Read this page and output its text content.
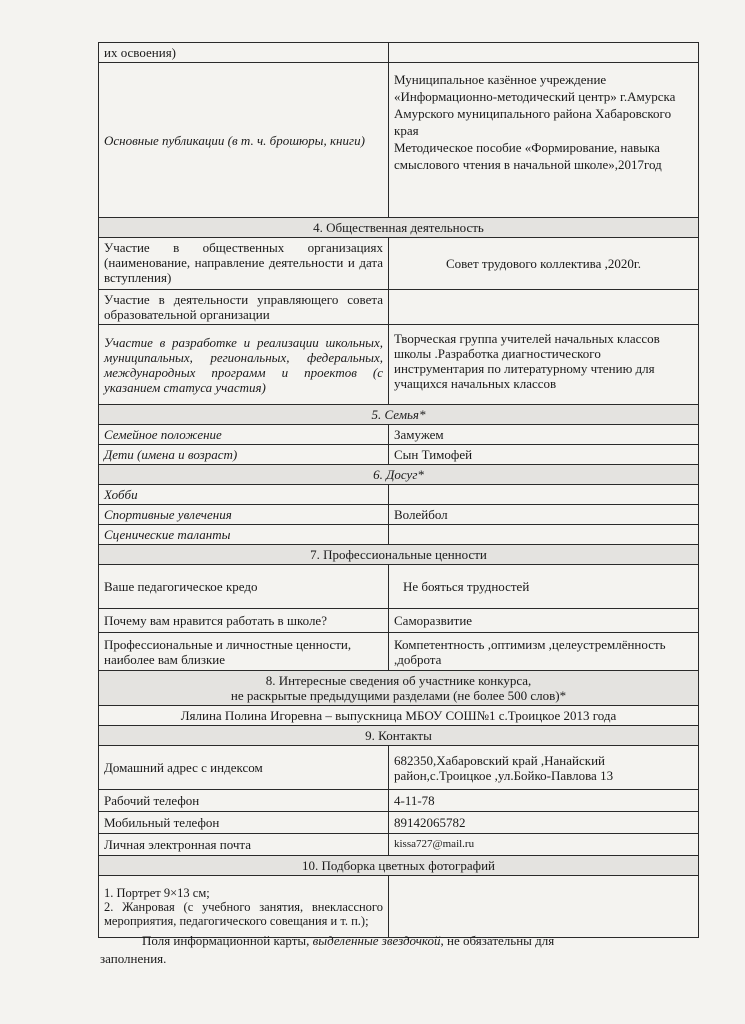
их освоения)	
Основные публикации (в т. ч. брошюры, книги)	Муниципальное казённое учреждение «Информационно-методический центр» г.Амурска Амурского муниципального района Хабаровского края
Методическое пособие «Формирование, навыка смыслового чтения в начальной школе»,2017год
4. Общественная деятельность	
Участие в общественных организациях (наименование, направление деятельности и дата вступления)	Совет трудового коллектива ,2020г.
Участие в деятельности управляющего совета образовательной организации	
Участие в разработке и реализации школьных, муниципальных, региональных, федеральных, международных программ и проектов (с указанием статуса участия)	Творческая группа учителей начальных классов школы .Разработка диагностического инструментария по литературному чтению для учащихся начальных классов
5. Семья*	
Семейное положение	Замужем
Дети (имена и возраст)	Сын Тимофей
6. Досуг*	
Хобби	
Спортивные увлечения	Волейбол
Сценические таланты	
7. Профессиональные ценности	
Ваше педагогическое кредо	Не бояться трудностей
Почему вам нравится работать в школе?	Саморазвитие
Профессиональные и личностные ценности, наиболее вам близкие	Компетентность ,оптимизм ,целеустремлённость ,доброта

8. Интересные сведения об участнике конкурса,
не раскрытые предыдущими разделами (не более 500 слов)*	

Лялина Полина Игоревна – выпускница МБОУ СОШ№1 с.Троицкое 2013 года	
9. Контакты	
Домашний адрес с индексом	682350,Хабаровский край ,Нанайский район,с.Троицкое ,ул.Бойко-Павлова 13
Рабочий телефон	4-11-78
Мобильный телефон	89142065782
Личная электронная почта	kissa727@mail.ru
10. Подборка цветных фотографий	

1. Портрет 9×13 см;
2. Жанровая (с учебного занятия, внеклассного мероприятия, педагогического совещания и т. п.);	

Поля информационной карты, выделенные звездочкой, не обязательны для

заполнения.
